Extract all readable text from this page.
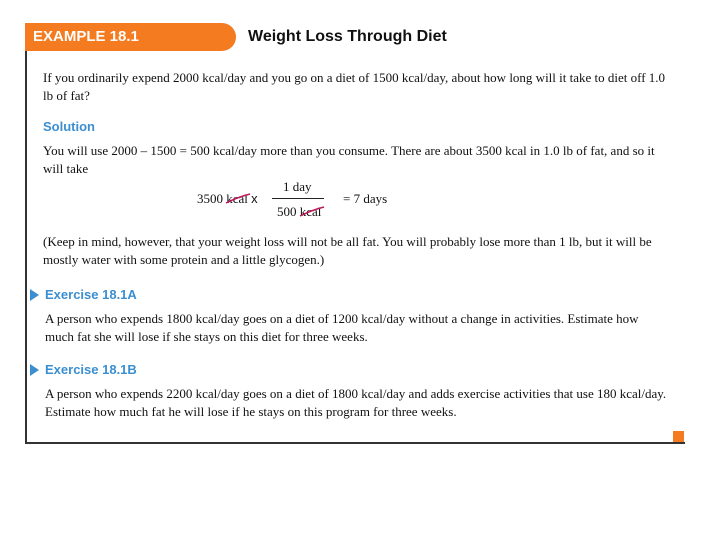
EXAMPLE 18.1	Weight Loss Through Diet

If you ordinarily expend 2000 kcal/day and you go on a diet of 1500 kcal/day, about how long will it take to diet off 1.0 lb of fat?

Solution

You will use 2000 – 1500 = 500 kcal/day more than you consume. There are about 3500 kcal in 1.0 lb of fat, and so it will take

3500 kcal x
1 day
500 kcal
= 7 days

(Keep in mind, however, that your weight loss will not be all fat. You will probably lose more than 1 lb, but it will be mostly water with some protein and a little glycogen.)

Exercise 18.1A

A person who expends 1800 kcal/day goes on a diet of 1200 kcal/day without a change in activities. Estimate how much fat she will lose if she stays on this diet for three weeks.

Exercise 18.1B

A person who expends 2200 kcal/day goes on a diet of 1800 kcal/day and adds exercise activities that use 180 kcal/day. Estimate how much fat he will lose if he stays on this program for three weeks.
